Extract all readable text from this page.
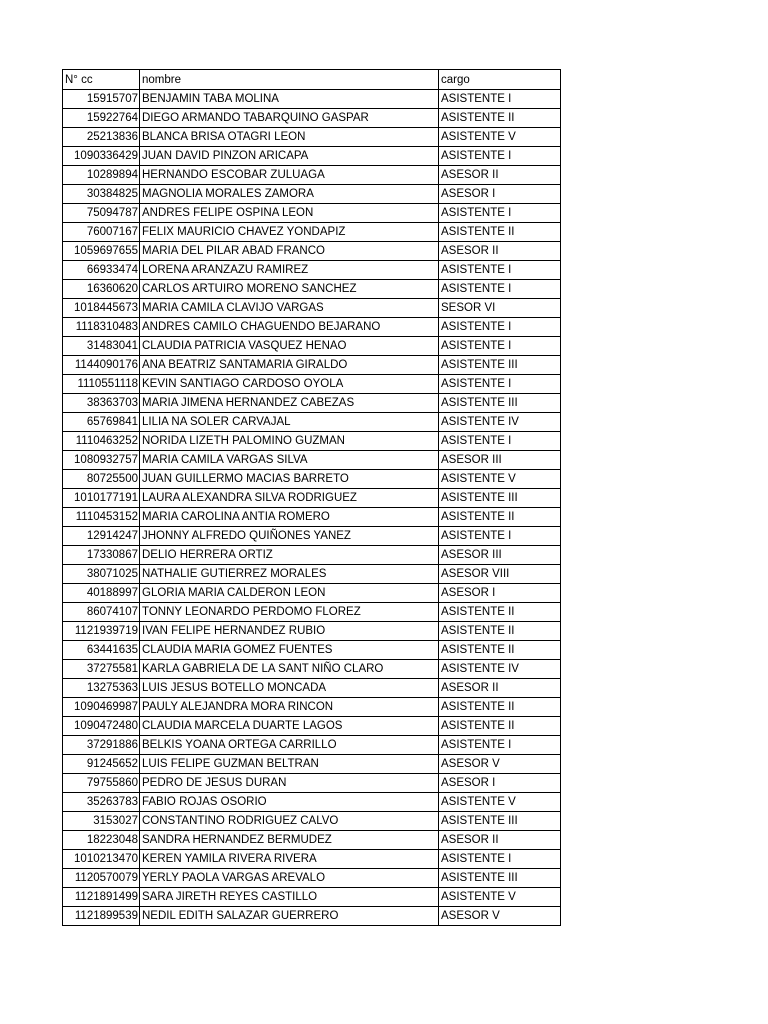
N° cc	nombre	cargo
15915707	BENJAMIN TABA MOLINA	ASISTENTE I
15922764	DIEGO ARMANDO TABARQUINO GASPAR	ASISTENTE II
25213836	BLANCA BRISA OTAGRI LEON	ASISTENTE V
1090336429	JUAN DAVID PINZON ARICAPA	ASISTENTE I
10289894	HERNANDO ESCOBAR ZULUAGA	ASESOR II
30384825	MAGNOLIA MORALES ZAMORA	ASESOR I
75094787	ANDRES FELIPE OSPINA LEON	ASISTENTE I
76007167	FELIX MAURICIO CHAVEZ YONDAPIZ	ASISTENTE II
1059697655	MARIA DEL PILAR ABAD FRANCO	ASESOR II
66933474	LORENA ARANZAZU RAMIREZ	ASISTENTE I
16360620	CARLOS ARTUIRO MORENO SANCHEZ	ASISTENTE I
1018445673	MARIA CAMILA CLAVIJO VARGAS	SESOR VI
1118310483	ANDRES CAMILO CHAGUENDO BEJARANO	ASISTENTE I
31483041	CLAUDIA PATRICIA VASQUEZ HENAO	ASISTENTE I
1144090176	ANA BEATRIZ SANTAMARIA GIRALDO	ASISTENTE III
1110551118	KEVIN SANTIAGO CARDOSO OYOLA	ASISTENTE I
38363703	MARIA JIMENA HERNANDEZ CABEZAS	ASISTENTE III
65769841	LILIA NA SOLER CARVAJAL	ASISTENTE IV
1110463252	NORIDA LIZETH PALOMINO GUZMAN	ASISTENTE I
1080932757	MARIA CAMILA VARGAS SILVA	ASESOR III
80725500	JUAN GUILLERMO MACIAS BARRETO	ASISTENTE V
1010177191	LAURA ALEXANDRA SILVA RODRIGUEZ	ASISTENTE III
1110453152	MARIA CAROLINA ANTIA ROMERO	ASISTENTE II
12914247	JHONNY ALFREDO QUIÑONES YANEZ	ASISTENTE I
17330867	DELIO HERRERA ORTIZ	ASESOR III
38071025	NATHALIE GUTIERREZ MORALES	ASESOR VIII
40188997	GLORIA MARIA CALDERON LEON	ASESOR I
86074107	TONNY LEONARDO PERDOMO FLOREZ	ASISTENTE II
1121939719	IVAN FELIPE HERNANDEZ RUBIO	ASISTENTE II
63441635	CLAUDIA MARIA GOMEZ FUENTES	ASISTENTE II
37275581	KARLA GABRIELA DE LA SANT NIÑO CLARO	ASISTENTE IV
13275363	LUIS JESUS BOTELLO MONCADA	ASESOR II
1090469987	PAULY ALEJANDRA MORA RINCON	ASISTENTE II
1090472480	CLAUDIA MARCELA DUARTE LAGOS	ASISTENTE II
37291886	BELKIS YOANA ORTEGA CARRILLO	ASISTENTE I
91245652	LUIS FELIPE GUZMAN BELTRAN	ASESOR V
79755860	PEDRO DE JESUS DURAN	ASESOR I
35263783	FABIO ROJAS OSORIO	ASISTENTE V
3153027	CONSTANTINO RODRIGUEZ CALVO	ASISTENTE III
18223048	SANDRA HERNANDEZ BERMUDEZ	ASESOR II
1010213470	KEREN YAMILA RIVERA RIVERA	ASISTENTE I
1120570079	YERLY PAOLA VARGAS AREVALO	ASISTENTE III
1121891499	SARA JIRETH REYES CASTILLO	ASISTENTE V
1121899539	NEDIL EDITH SALAZAR GUERRERO	ASESOR V
